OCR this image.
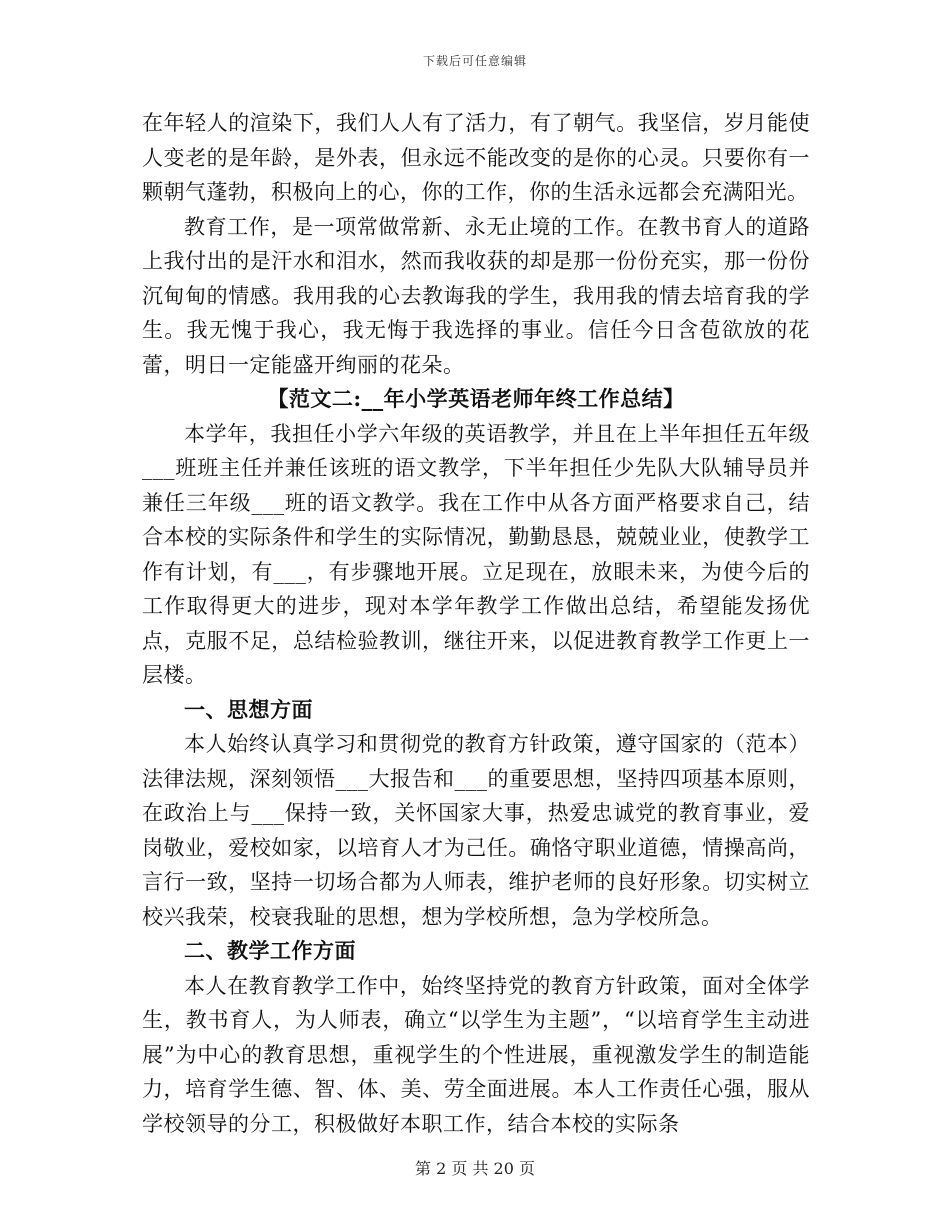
下载后可任意编辑

在年轻人的渲染下，我们人人有了活力，有了朝气。我坚信，岁月能使人变老的是年龄，是外表，但永远不能改变的是你的心灵。只要你有一颗朝气蓬勃，积极向上的心，你的工作，你的生活永远都会充满阳光。

教育工作，是一项常做常新、永无止境的工作。在教书育人的道路上我付出的是汗水和泪水，然而我收获的却是那一份份充实，那一份份沉甸甸的情感。我用我的心去教诲我的学生，我用我的情去培育我的学生。我无愧于我心，我无悔于我选择的事业。信任今日含苞欲放的花蕾，明日一定能盛开绚丽的花朵。

【范文二:__年小学英语老师年终工作总结】

本学年，我担任小学六年级的英语教学，并且在上半年担任五年级___班班主任并兼任该班的语文教学，下半年担任少先队大队辅导员并兼任三年级___班的语文教学。我在工作中从各方面严格要求自己，结合本校的实际条件和学生的实际情况，勤勤恳恳，兢兢业业，使教学工作有计划，有___，有步骤地开展。立足现在，放眼未来，为使今后的工作取得更大的进步，现对本学年教学工作做出总结，希望能发扬优点，克服不足，总结检验教训，继往开来，以促进教育教学工作更上一层楼。

一、思想方面

本人始终认真学习和贯彻党的教育方针政策，遵守国家的（范本）法律法规，深刻领悟___大报告和___的重要思想，坚持四项基本原则，在政治上与___保持一致，关怀国家大事，热爱忠诚党的教育事业，爱岗敬业，爱校如家，以培育人才为己任。确恪守职业道德，情操高尚，言行一致，坚持一切场合都为人师表，维护老师的良好形象。切实树立校兴我荣，校衰我耻的思想，想为学校所想，急为学校所急。

二、教学工作方面

本人在教育教学工作中，始终坚持党的教育方针政策，面对全体学生，教书育人，为人师表，确立“以学生为主题”，“以培育学生主动进展”为中心的教育思想，重视学生的个性进展，重视激发学生的制造能力，培育学生德、智、体、美、劳全面进展。本人工作责任心强，服从学校领导的分工，积极做好本职工作，结合本校的实际条

第 2 页 共 20 页
